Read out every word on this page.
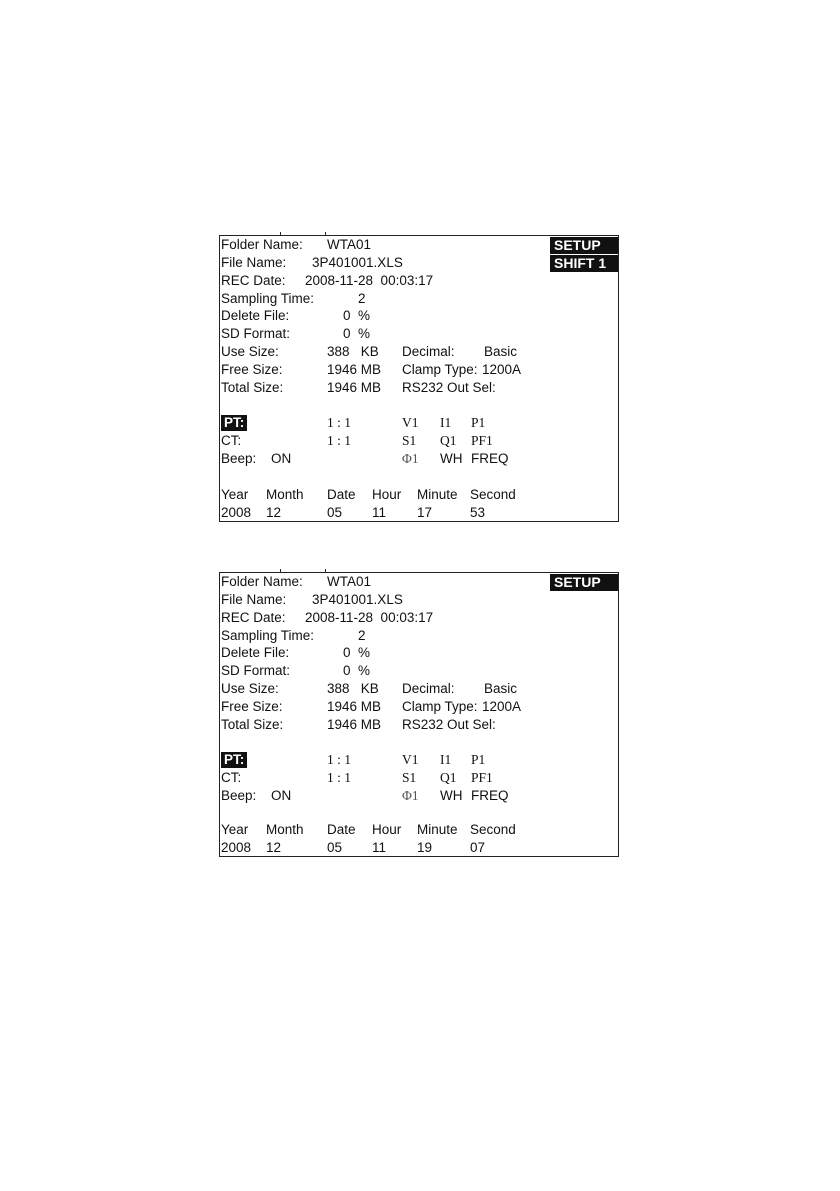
SETUP
SHIFT 1
Folder Name: WTA01
File Name: 3P401001.XLS
REC Date: 2008-11-28  00:03:17
Sampling Time:	2
Delete File:	0  %
SD Format:	0  %
Use Size:	388   KB Decimal: Basic
Free Size:	1946 MB Clamp Type: 1200A
Total Size:	1946 MB RS232 Out Sel:
PT:	1 : 1	V1 I1 P1
CT:	1 : 1	S1 Q1 PF1
Beep: ON	Φ1 WH FREQ
Year Month Date Hour Minute Second
2008 12	05 11 17	53
SETUP
Folder Name: WTA01
File Name: 3P401001.XLS
REC Date: 2008-11-28  00:03:17
Sampling Time:	2
Delete File:	0  %
SD Format:	0  %
Use Size:	388   KB Decimal: Basic
Free Size:	1946 MB Clamp Type: 1200A
Total Size:	1946 MB RS232 Out Sel:
PT:	1 : 1	V1 I1 P1
CT:	1 : 1	S1 Q1 PF1
Beep: ON	Φ1 WH FREQ
Year Month Date Hour Minute Second
2008 12	05 11 19	07
